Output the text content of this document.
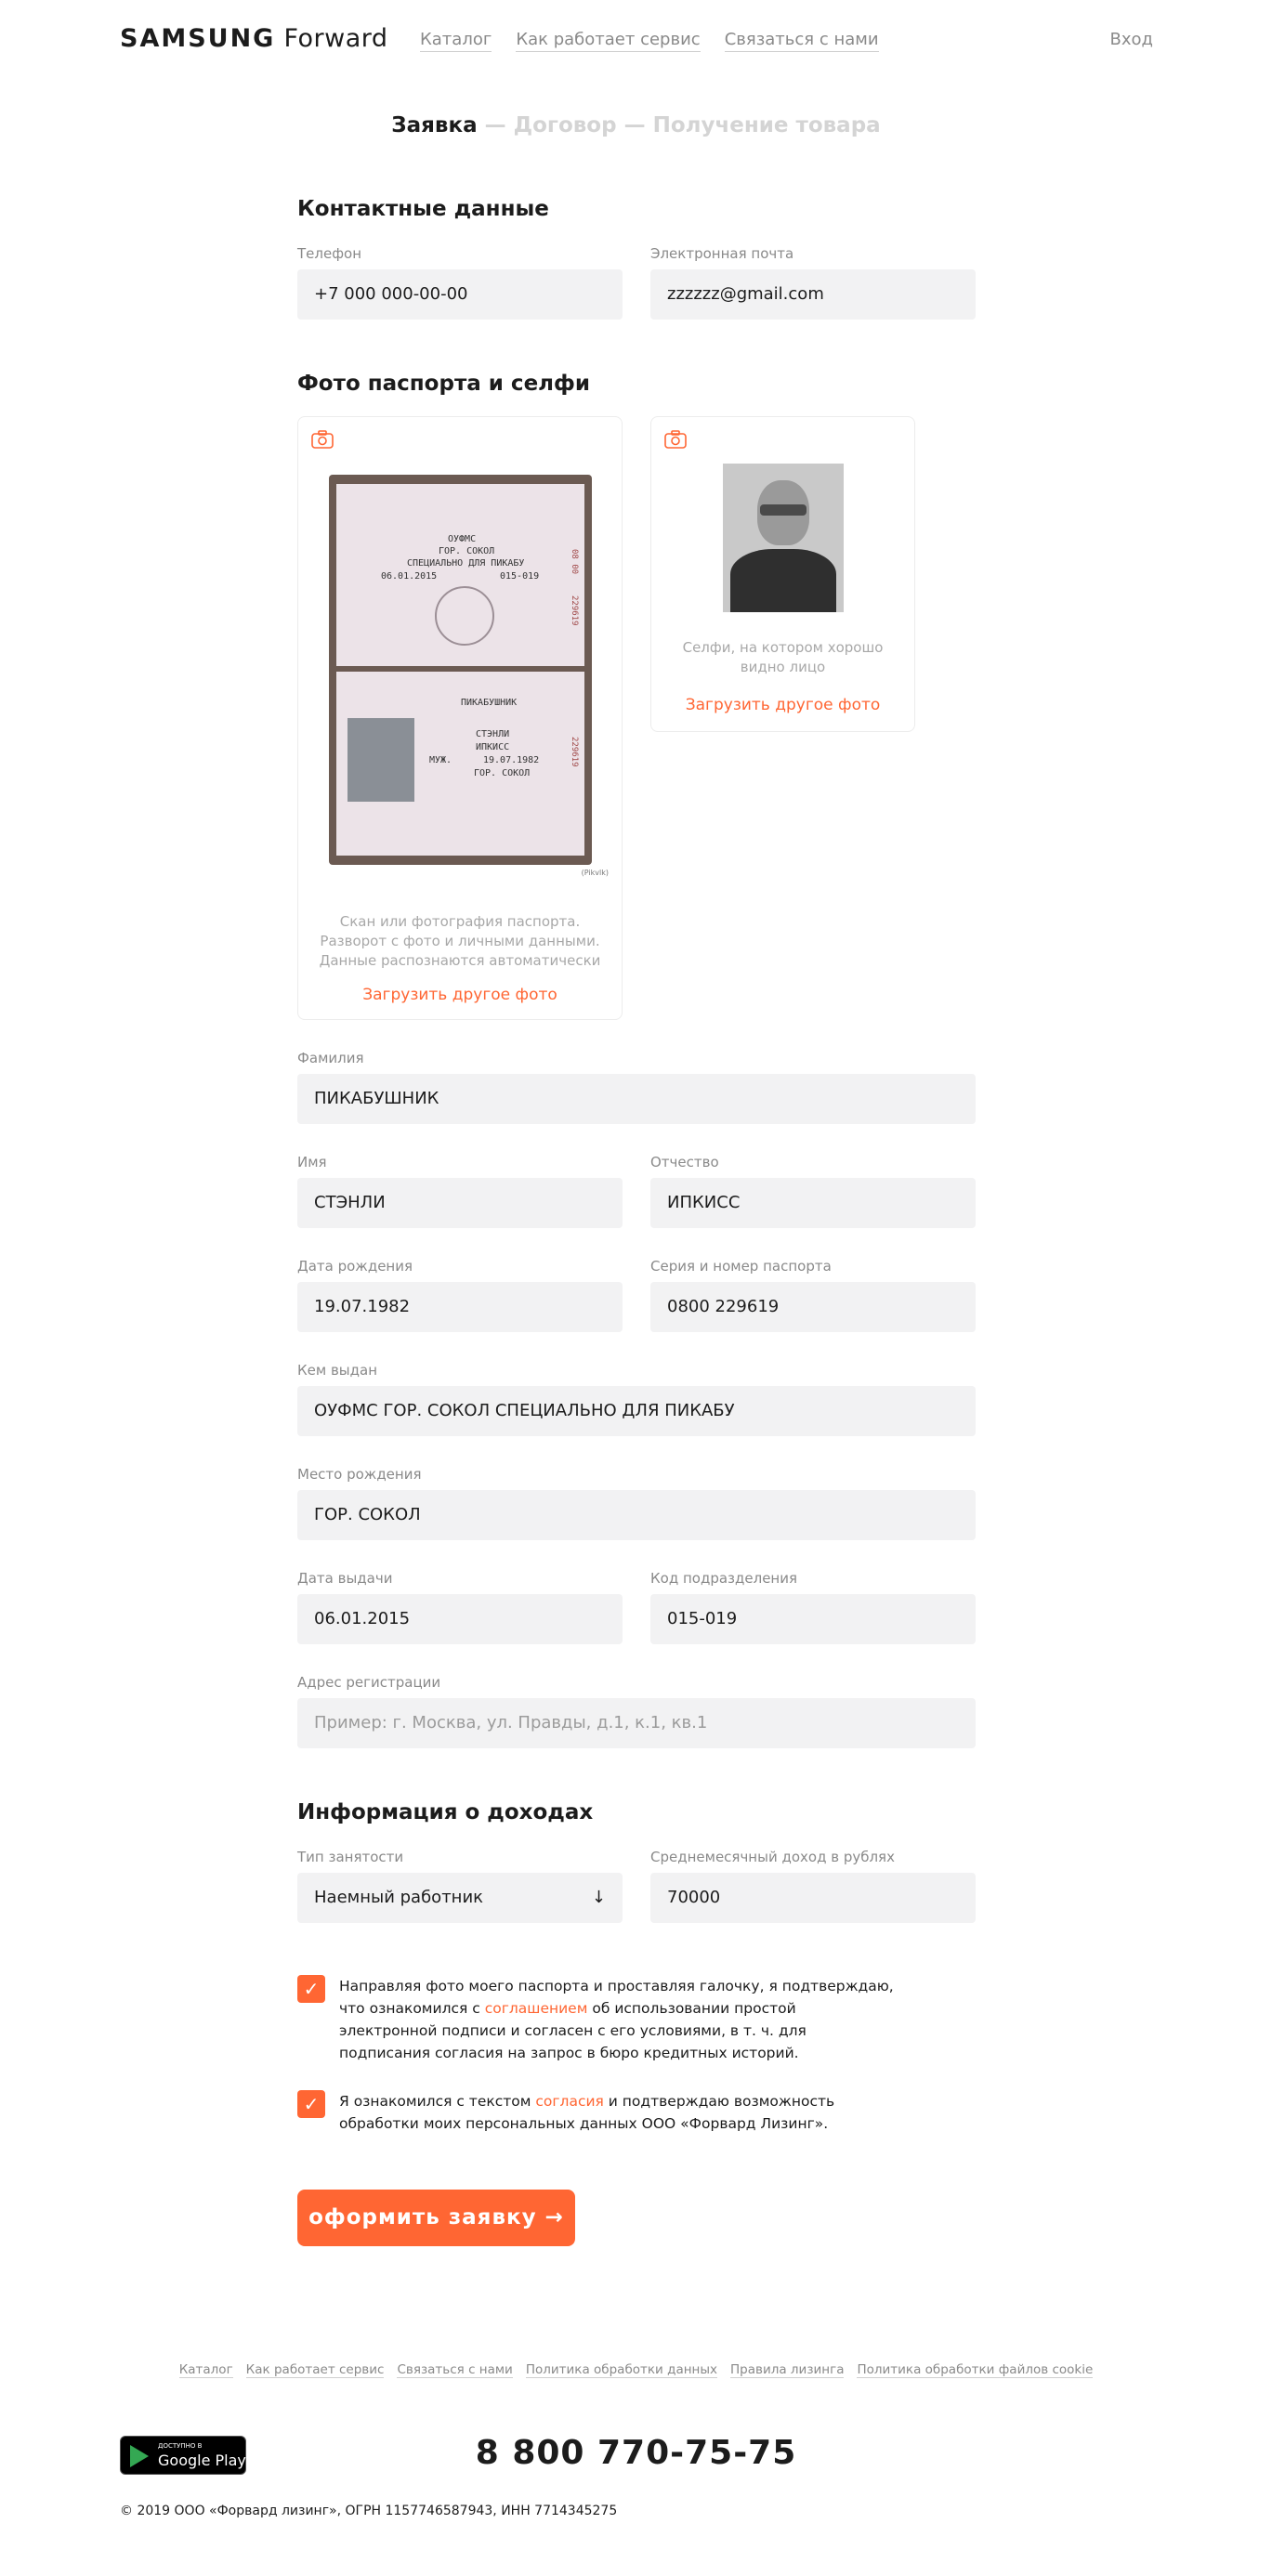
SAMSUNG Forward Каталог Как работает сервис Связаться с нами	Вход
Заявка — Договор — Получение товара
Контактные данные
Телефон
+7 000 000-00-00
Электронная почта
zzzzzz@gmail.com
Фото паспорта и селфи
ОУФМС
ГОР. СОКОЛ
СПЕЦИАЛЬНО ДЛЯ ПИКАБУ
06.01.2015	015-019
08 00
229619
ПИКАБУШНИК
СТЭНЛИ
ИПКИСС
МУЖ.	19.07.1982
ГОР. СОКОЛ
229619
(Pikvlk)
Скан или фотография паспорта.
Разворот с фото и личными данными.
Данные распознаются автоматически
Загрузить другое фото
Селфи, на котором хорошо
видно лицо
Загрузить другое фото
Фамилия
ПИКАБУШНИК
Имя
СТЭНЛИ
Отчество
ИПКИСС
Дата рождения
19.07.1982
Серия и номер паспорта
0800 229619
Кем выдан
ОУФМС ГОР. СОКОЛ СПЕЦИАЛЬНО ДЛЯ ПИКАБУ
Место рождения
ГОР. СОКОЛ
Дата выдачи
06.01.2015
Код подразделения
015-019
Адрес регистрации
Пример: г. Москва, ул. Правды, д.1, к.1, кв.1
Информация о доходах
Тип занятости
Наемный работник	↓
Среднемесячный доход в рублях
70000
✓	Направляя фото моего паспорта и проставляя галочку, я подтверждаю, что ознакомился с соглашением об использовании простой электронной подписи и согласен с его условиями, в т. ч. для подписания согласия на запрос в бюро кредитных историй.
✓	Я ознакомился с текстом согласия и подтверждаю возможность обработки моих персональных данных ООО «Форвард Лизинг».
оформить заявку →
Каталог Как работает сервис Связаться с нами Политика обработки данных Правила лизинга Политика обработки файлов cookie
ДОСТУПНО В
Google Play	8 800 770-75-75
© 2019 ООО «Форвард лизинг», ОГРН 1157746587943, ИНН 7714345275
